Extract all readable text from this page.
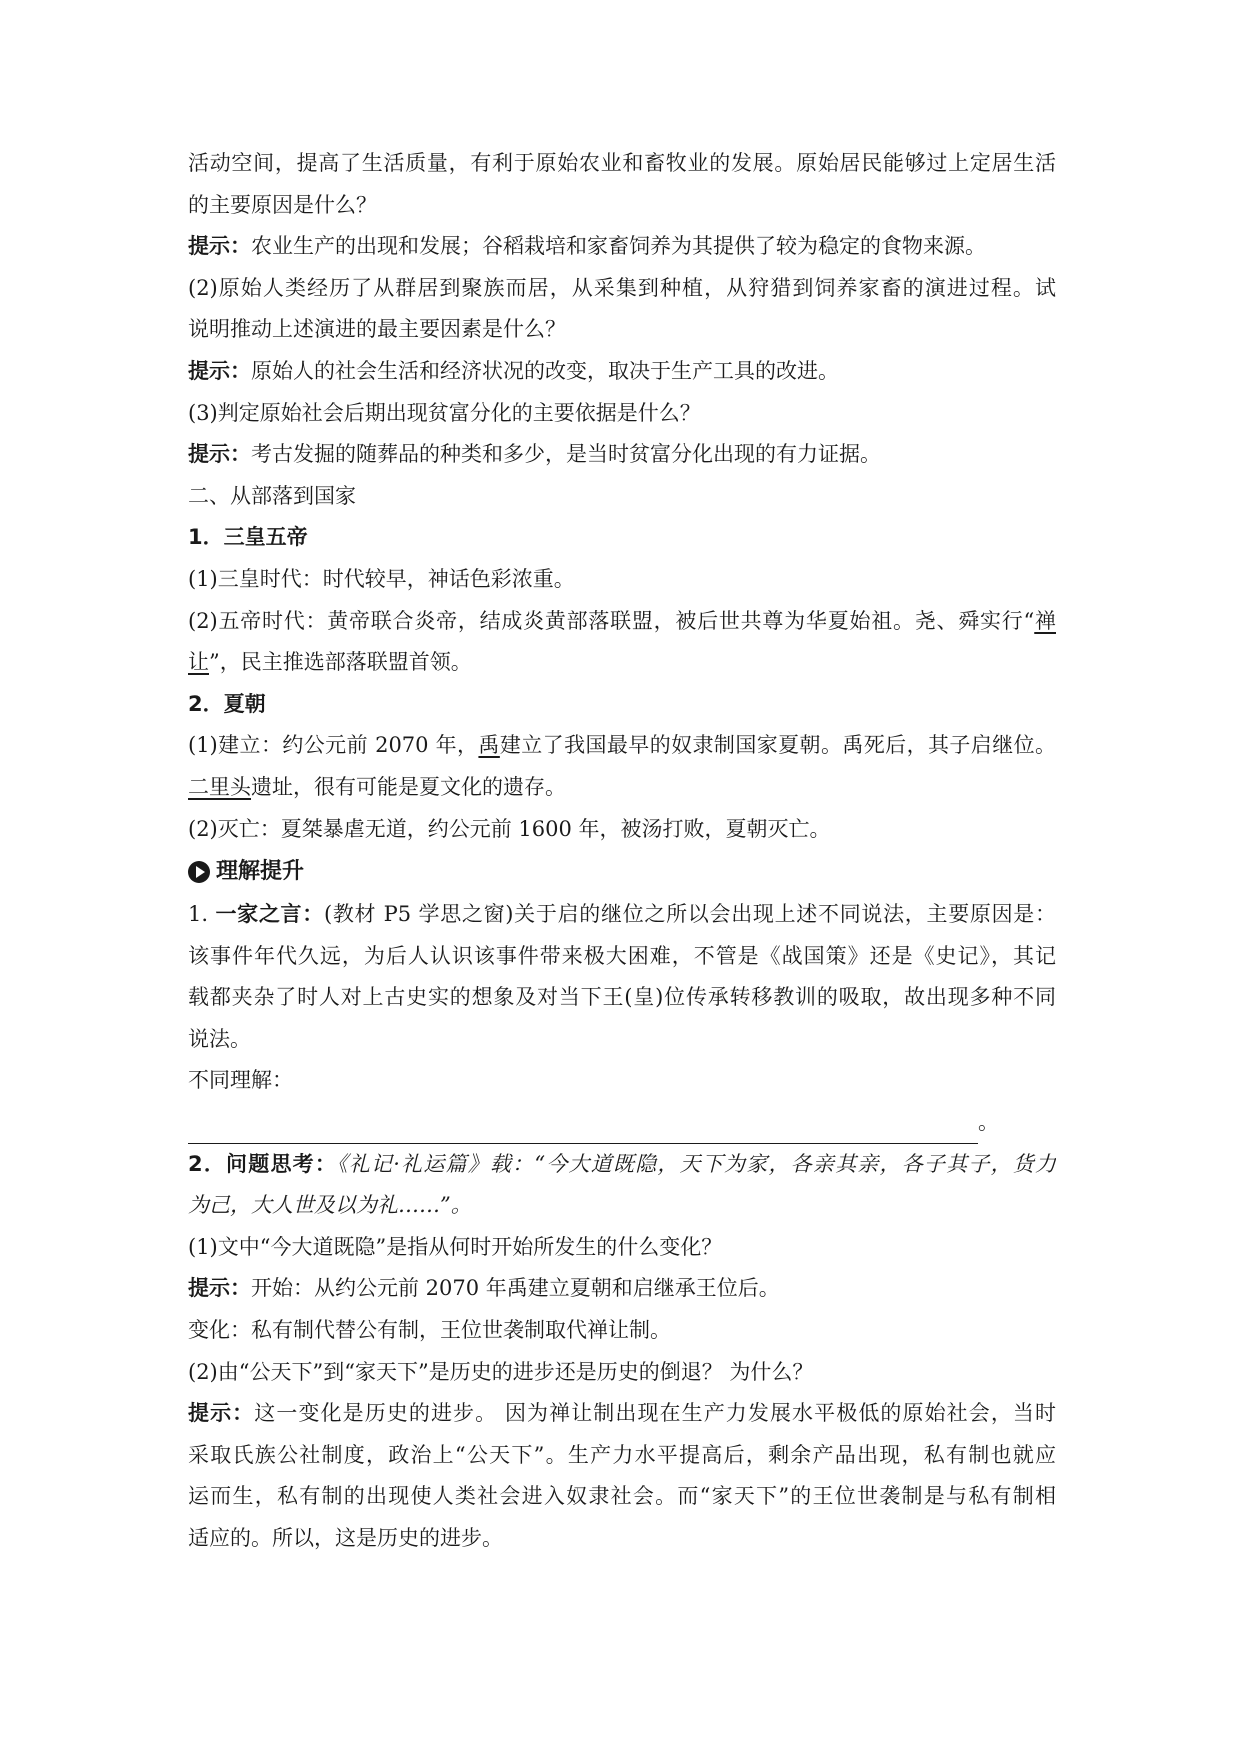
活动空间，提高了生活质量，有利于原始农业和畜牧业的发展。原始居民能够过上定居生活
的主要原因是什么？
提示：农业生产的出现和发展；谷稻栽培和家畜饲养为其提供了较为稳定的食物来源。
(2)原始人类经历了从群居到聚族而居，从采集到种植，从狩猎到饲养家畜的演进过程。试
说明推动上述演进的最主要因素是什么？
提示：原始人的社会生活和经济状况的改变，取决于生产工具的改进。
(3)判定原始社会后期出现贫富分化的主要依据是什么？
提示：考古发掘的随葬品的种类和多少，是当时贫富分化出现的有力证据。
二、从部落到国家
1．三皇五帝
(1)三皇时代：时代较早，神话色彩浓重。
(2)五帝时代：黄帝联合炎帝，结成炎黄部落联盟，被后世共尊为华夏始祖。尧、舜实行“禅
让”，民主推选部落联盟首领。
2．夏朝
(1)建立：约公元前 2070 年，禹建立了我国最早的奴隶制国家夏朝。禹死后，其子启继位。
二里头遗址，很有可能是夏文化的遗存。
(2)灭亡：夏桀暴虐无道，约公元前 1600 年，被汤打败，夏朝灭亡。
理解提升
1. 一家之言：(教材 P5 学思之窗)关于启的继位之所以会出现上述不同说法，主要原因是：
该事件年代久远，为后人认识该事件带来极大困难，不管是《战国策》还是《史记》，其记
载都夹杂了时人对上古史实的想象及对当下王(皇)位传承转移教训的吸取，故出现多种不同
说法。
不同理解：
。
2．问题思考：《礼记·礼运篇》载：“今大道既隐，天下为家，各亲其亲，各子其子，货力
为己，大人世及以为礼……”。
(1)文中“今大道既隐”是指从何时开始所发生的什么变化？
提示：开始：从约公元前 2070 年禹建立夏朝和启继承王位后。
变化：私有制代替公有制，王位世袭制取代禅让制。
(2)由“公天下”到“家天下”是历史的进步还是历史的倒退？ 为什么？
提示：这一变化是历史的进步。 因为禅让制出现在生产力发展水平极低的原始社会，当时
采取氏族公社制度，政治上“公天下”。生产力水平提高后，剩余产品出现，私有制也就应
运而生，私有制的出现使人类社会进入奴隶社会。而“家天下”的王位世袭制是与私有制相
适应的。所以，这是历史的进步。
